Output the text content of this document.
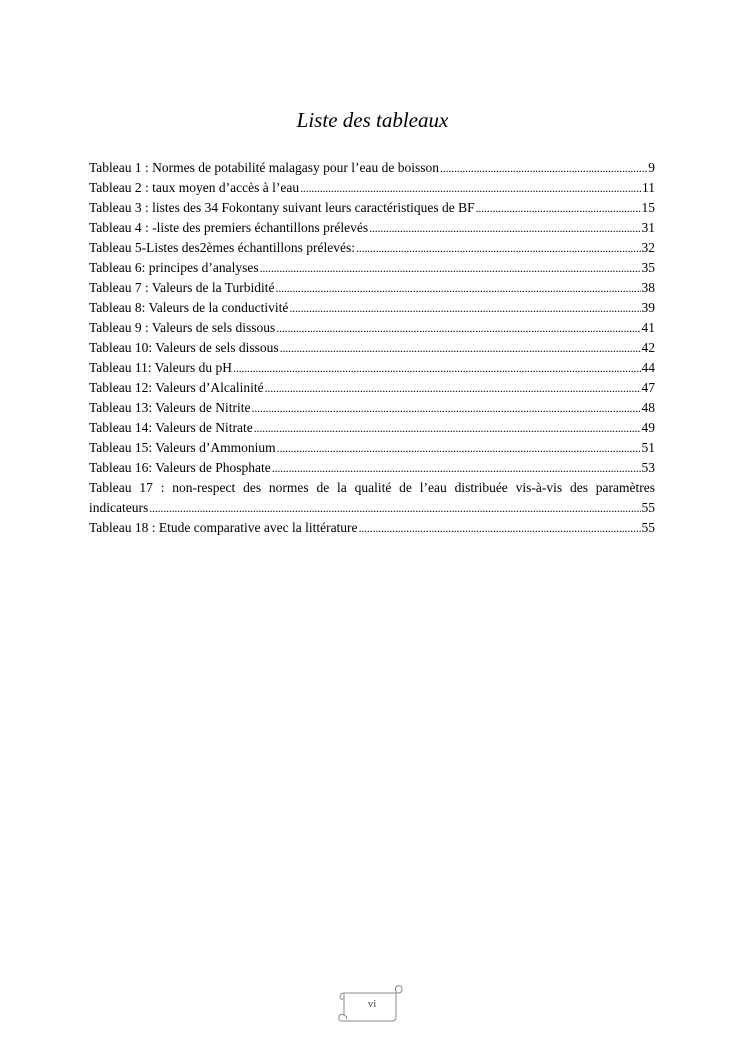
Liste des tableaux
Tableau 1 : Normes de potabilité malagasy pour l’eau de boisson . . .	9
Tableau 2 : taux moyen d’accès à l’eau . . .	11
Tableau 3 : listes des 34 Fokontany suivant leurs caractéristiques de BF . . .	15
Tableau 4 : -liste des premiers échantillons prélevés . . .	31
Tableau 5-Listes des2èmes échantillons prélevés: . . .	32
Tableau 6: principes d’analyses . . .	35
Tableau 7 : Valeurs de la Turbidité . . .	38
Tableau 8: Valeurs de la conductivité . . .	39
Tableau 9 : Valeurs de sels dissous . . .	41
Tableau 10: Valeurs de sels dissous . . .	42
Tableau 11: Valeurs du pH . . .	44
Tableau 12: Valeurs d’Alcalinité . . .	47
Tableau 13: Valeurs de Nitrite . . .	48
Tableau 14: Valeurs de Nitrate . . .	49
Tableau 15: Valeurs d’Ammonium . . .	51
Tableau 16: Valeurs de Phosphate . . .	53
Tableau 17 : non-respect des normes de la qualité de l’eau distribuée vis-à-vis des paramètres
indicateurs . . .	55
Tableau 18 : Etude comparative avec la littérature . . .	55
vi
